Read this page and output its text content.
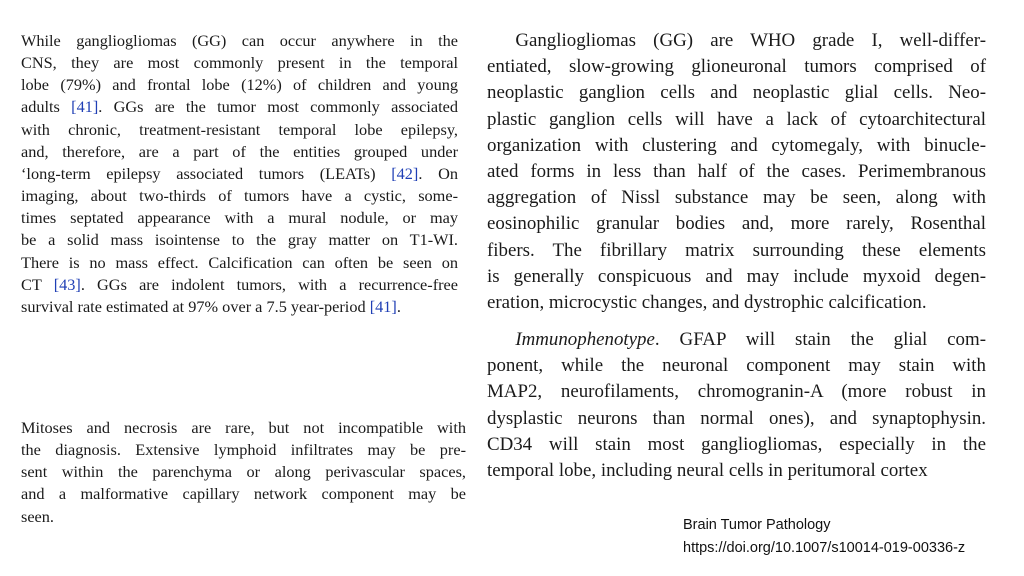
While gangliogliomas (GG) can occur anywhere in the
CNS, they are most commonly present in the temporal
lobe (79%) and frontal lobe (12%) of children and young
adults [41]. GGs are the tumor most commonly associated
with chronic, treatment-resistant temporal lobe epilepsy,
and, therefore, are a part of the entities grouped under
‘long-term epilepsy associated tumors (LEATs) [42]. On
imaging, about two-thirds of tumors have a cystic, some-
times septated appearance with a mural nodule, or may
be a solid mass isointense to the gray matter on T1-WI.
There is no mass effect. Calcification can often be seen on
CT [43]. GGs are indolent tumors, with a recurrence-free
survival rate estimated at 97% over a 7.5 year-period [41].
Mitoses and necrosis are rare, but not incompatible with
the diagnosis. Extensive lymphoid infiltrates may be pre-
sent within the parenchyma or along perivascular spaces,
and a malformative capillary network component may be
seen.
  Gangliogliomas (GG) are WHO grade I, well-differ-
entiated, slow-growing glioneuronal tumors comprised of
neoplastic ganglion cells and neoplastic glial cells. Neo-
plastic ganglion cells will have a lack of cytoarchitectural
organization with clustering and cytomegaly, with binucle-
ated forms in less than half of the cases. Perimembranous
aggregation of Nissl substance may be seen, along with
eosinophilic granular bodies and, more rarely, Rosenthal
fibers. The fibrillary matrix surrounding these elements
is generally conspicuous and may include myxoid degen-
eration, microcystic changes, and dystrophic calcification.
  Immunophenotype. GFAP will stain the glial com-
ponent, while the neuronal component may stain with
MAP2, neurofilaments, chromogranin-A (more robust in
dysplastic neurons than normal ones), and synaptophysin.
CD34 will stain most gangliogliomas, especially in the
temporal lobe, including neural cells in peritumoral cortex
Brain Tumor Pathology
https://doi.org/10.1007/s10014-019-00336-z
